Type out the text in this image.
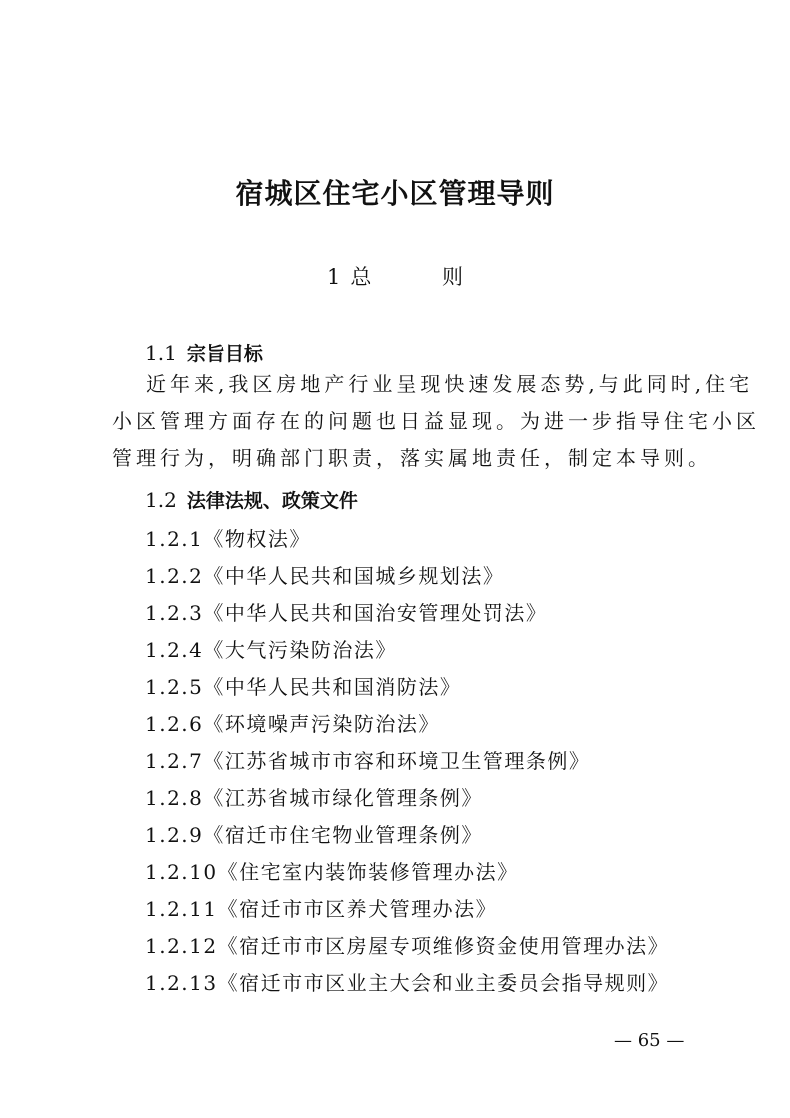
宿城区住宅小区管理导则
1 总 则
1.1 宗旨目标
近年来,我区房地产行业呈现快速发展态势,与此同时,住宅
小区管理方面存在的问题也日益显现。为进一步指导住宅小区
管理行为，明确部门职责，落实属地责任，制定本导则。
1.2 法律法规、政策文件
1.2.1《物权法》
1.2.2《中华人民共和国城乡规划法》
1.2.3《中华人民共和国治安管理处罚法》
1.2.4《大气污染防治法》
1.2.5《中华人民共和国消防法》
1.2.6《环境噪声污染防治法》
1.2.7《江苏省城市市容和环境卫生管理条例》
1.2.8《江苏省城市绿化管理条例》
1.2.9《宿迁市住宅物业管理条例》
1.2.10《住宅室内装饰装修管理办法》
1.2.11《宿迁市市区养犬管理办法》
1.2.12《宿迁市市区房屋专项维修资金使用管理办法》
1.2.13《宿迁市市区业主大会和业主委员会指导规则》
— 65 —
